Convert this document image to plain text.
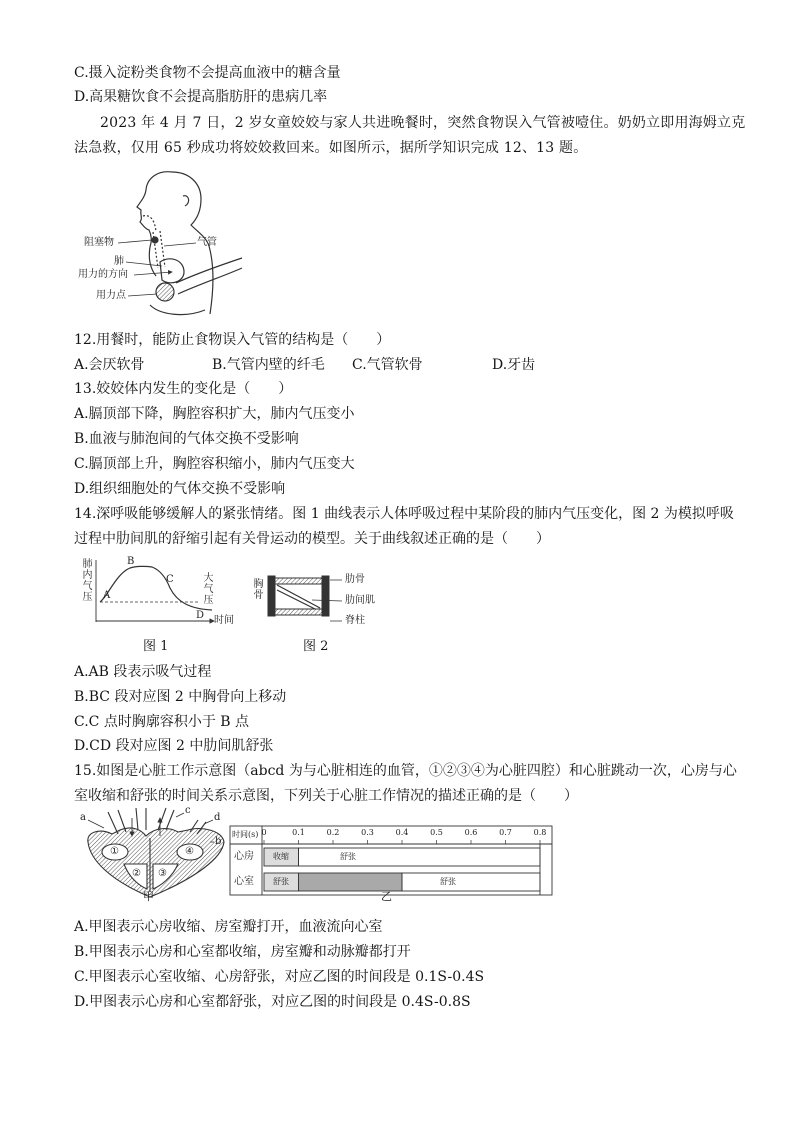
C.摄入淀粉类食物不会提高血液中的糖含量
D.高果糖饮食不会提高脂肪肝的患病几率
2023 年 4 月 7 日，2 岁女童姣姣与家人共进晚餐时，突然食物误入气管被噎住。奶奶立即用海姆立克
法急救，仅用 65 秒成功将姣姣救回来。如图所示，据所学知识完成 12、13 题。
阻塞物	气管
肺
用力的方向
用力点
12.用餐时，能防止食物误入气管的结构是（　　）
A.会厌软骨	B.气管内壁的纤毛 C.气管软骨	D.牙齿
13.姣姣体内发生的变化是（　　）
A.膈顶部下降，胸腔容积扩大，肺内气压变小
B.血液与肺泡间的气体交换不受影响
C.膈顶部上升，胸腔容积缩小，肺内气压变大
D.组织细胞处的气体交换不受影响
14.深呼吸能够缓解人的紧张情绪。图 1 曲线表示人体呼吸过程中某阶段的肺内气压变化，图 2 为模拟呼吸
过程中肋间肌的舒缩引起有关骨运动的模型。关于曲线叙述正确的是（　　）
肺内气压
时间
大气压
A
B
C
D
胸骨	肋骨
肋间肌
脊柱
图 1	图 2
A.AB 段表示吸气过程
B.BC 段对应图 2 中胸骨向上移动
C.C 点时胸廓容积小于 B 点
D.CD 段对应图 2 中肋间肌舒张
15.如图是心脏工作示意图（abcd 为与心脏相连的血管，①②③④为心脏四腔）和心脏跳动一次，心房与心
室收缩和舒张的时间关系示意图，下列关于心脏工作情况的描述正确的是（　　）
a
b
c
d
①
② ③
④
甲
时间(s) 0	0.1	0.2	0.3	0.4	0.5	0.6	0.7	0.8
心房
心室
收缩	舒张
舒张	舒张
乙
A.甲图表示心房收缩、房室瓣打开，血液流向心室
B.甲图表示心房和心室都收缩，房室瓣和动脉瓣都打开
C.甲图表示心室收缩、心房舒张，对应乙图的时间段是 0.1S-0.4S
D.甲图表示心房和心室都舒张，对应乙图的时间段是 0.4S-0.8S
